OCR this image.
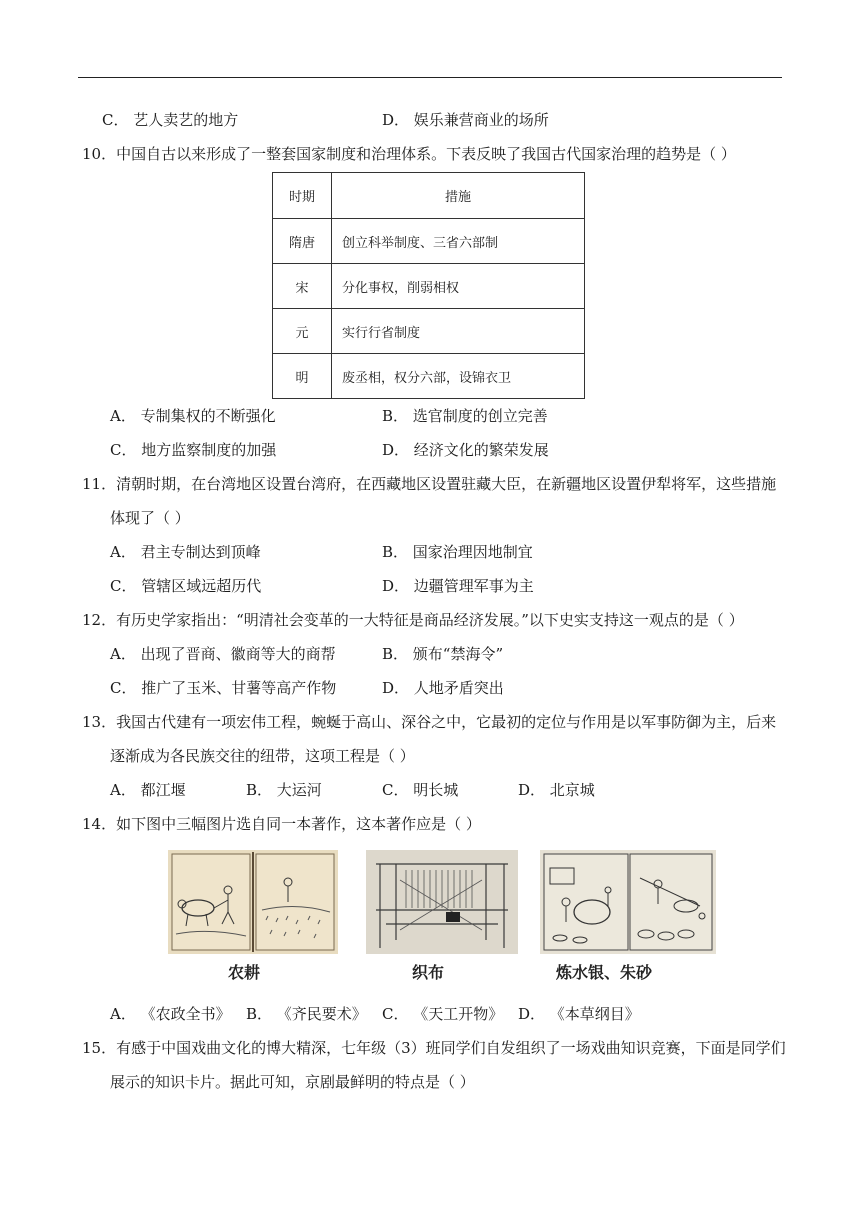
C． 艺人卖艺的地方	D． 娱乐兼营商业的场所
10．中国自古以来形成了一整套国家制度和治理体系。下表反映了我国古代国家治理的趋势是（ ）
时期	措施
隋唐	创立科举制度、三省六部制
宋	分化事权，削弱相权
元	实行行省制度
明	废丞相，权分六部，设锦衣卫
A． 专制集权的不断强化	B． 选官制度的创立完善
C． 地方监察制度的加强	D． 经济文化的繁荣发展
11．清朝时期，在台湾地区设置台湾府，在西藏地区设置驻藏大臣，在新疆地区设置伊犁将军，这些措施
体现了（ ）
A． 君主专制达到顶峰	B． 国家治理因地制宜
C． 管辖区域远超历代	D． 边疆管理军事为主
12．有历史学家指出：“明清社会变革的一大特征是商品经济发展。”以下史实支持这一观点的是（ ）
A． 出现了晋商、徽商等大的商帮	B． 颁布“禁海令”
C． 推广了玉米、甘薯等高产作物	D． 人地矛盾突出
13．我国古代建有一项宏伟工程，蜿蜒于高山、深谷之中，它最初的定位与作用是以军事防御为主，后来
逐渐成为各民族交往的纽带，这项工程是（ ）
A． 都江堰	B． 大运河	C． 明长城	D． 北京城
14．如下图中三幅图片选自同一本著作，这本著作应是（ ）
农耕	织布	炼水银、朱砂
A． 《农政全书》 B． 《齐民要术》 C． 《天工开物》 D． 《本草纲目》
15．有感于中国戏曲文化的博大精深，七年级（3）班同学们自发组织了一场戏曲知识竞赛，下面是同学们
展示的知识卡片。据此可知，京剧最鲜明的特点是（ ）
